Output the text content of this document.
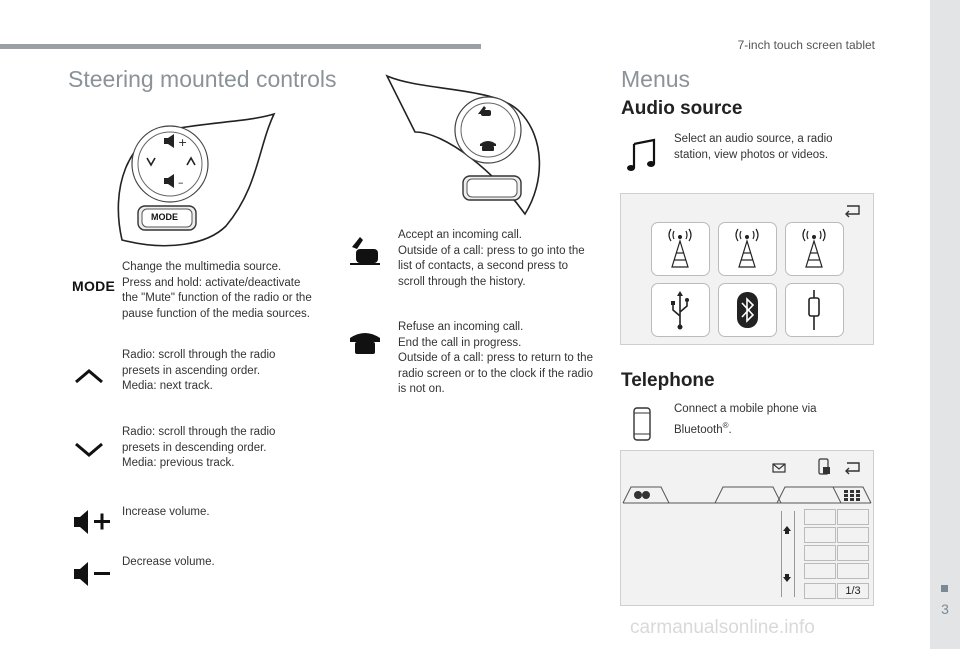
7-inch touch screen tablet
3
Steering mounted controls
+
–
MODE
MODE
Change the multimedia source.
Press and hold: activate/deactivate the "Mute" function of the radio or the pause function of the media sources.
Radio: scroll through the radio presets in ascending order.
Media: next track.
Radio: scroll through the radio presets in descending order.
Media: previous track.
Increase volume.
Decrease volume.
Accept an incoming call.
Outside of a call: press to go into the list of contacts, a second press to scroll through the history.
Refuse an incoming call.
End the call in progress.
Outside of a call: press to return to the radio screen or to the clock if the radio is not on.
Menus
Audio source
Select an audio source, a radio station, view photos or videos.
Telephone
Connect a mobile phone via Bluetooth®.
1/3
carmanualsonline.info
